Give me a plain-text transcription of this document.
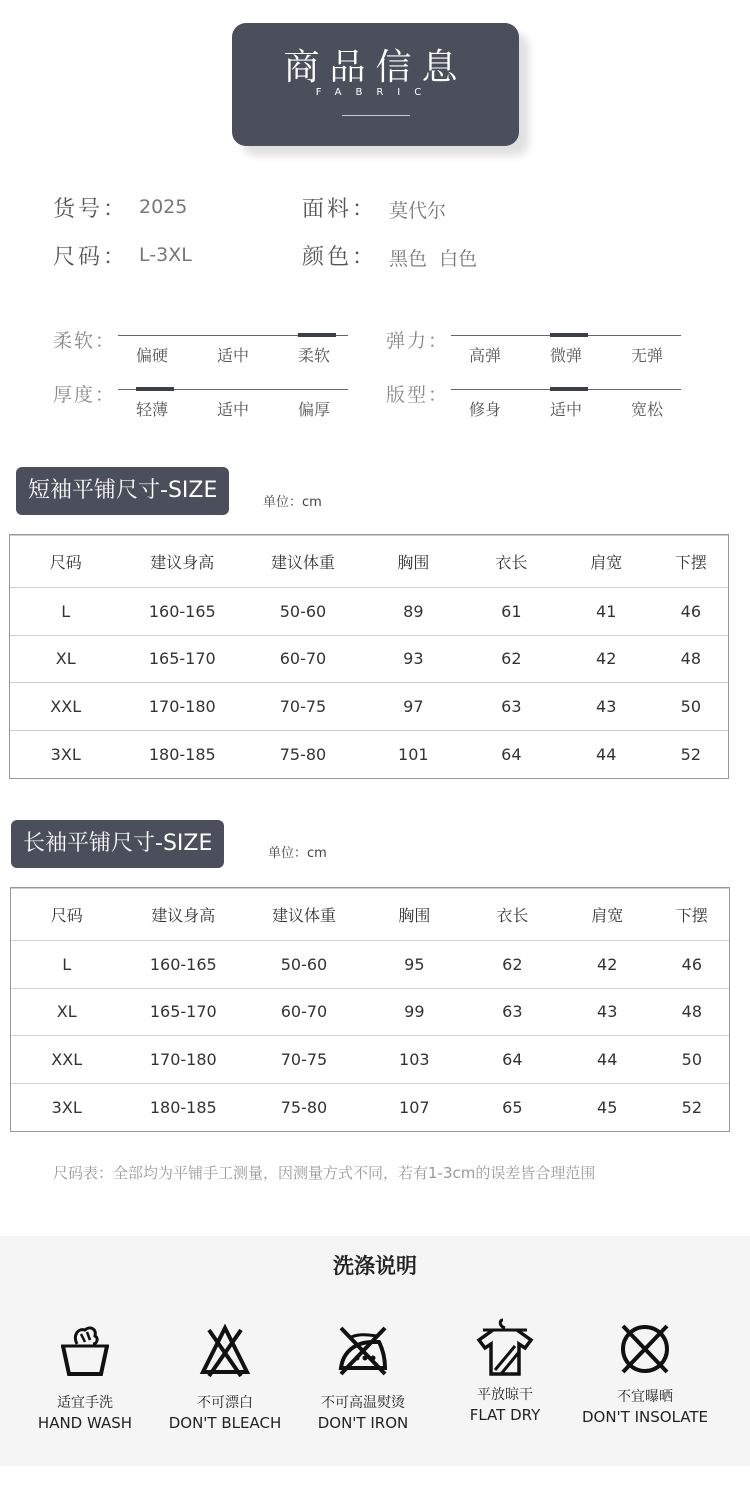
商品信息
FABRIC
货号： 2025	面料： 莫代尔
尺码： L-3XL	颜色： 黑色  白色
柔软：
偏硬	适中	柔软
弹力：
高弹	微弹	无弹
厚度：
轻薄	适中	偏厚
版型：
修身	适中	宽松
短袖平铺尺寸-SIZE	单位：cm
尺码	建议身高	建议体重	胸围	衣长	肩宽	下摆
L	160-165	50-60	89	61	41	46
XL	165-170	60-70	93	62	42	48
XXL	170-180	70-75	97	63	43	50
3XL	180-185	75-80	101	64	44	52
长袖平铺尺寸-SIZE	单位：cm
尺码	建议身高	建议体重	胸围	衣长	肩宽	下摆
L	160-165	50-60	95	62	42	46
XL	165-170	60-70	99	63	43	48
XXL	170-180	70-75	103	64	44	50
3XL	180-185	75-80	107	65	45	52
尺码表：全部均为平铺手工测量，因测量方式不同，若有1-3cm的误差皆合理范围
洗涤说明
适宜手洗
HAND WASH
不可漂白
DON'T BLEACH
不可高温熨烫
DON'T IRON
平放晾干
FLAT DRY
不宜曝晒
DON'T INSOLATE
